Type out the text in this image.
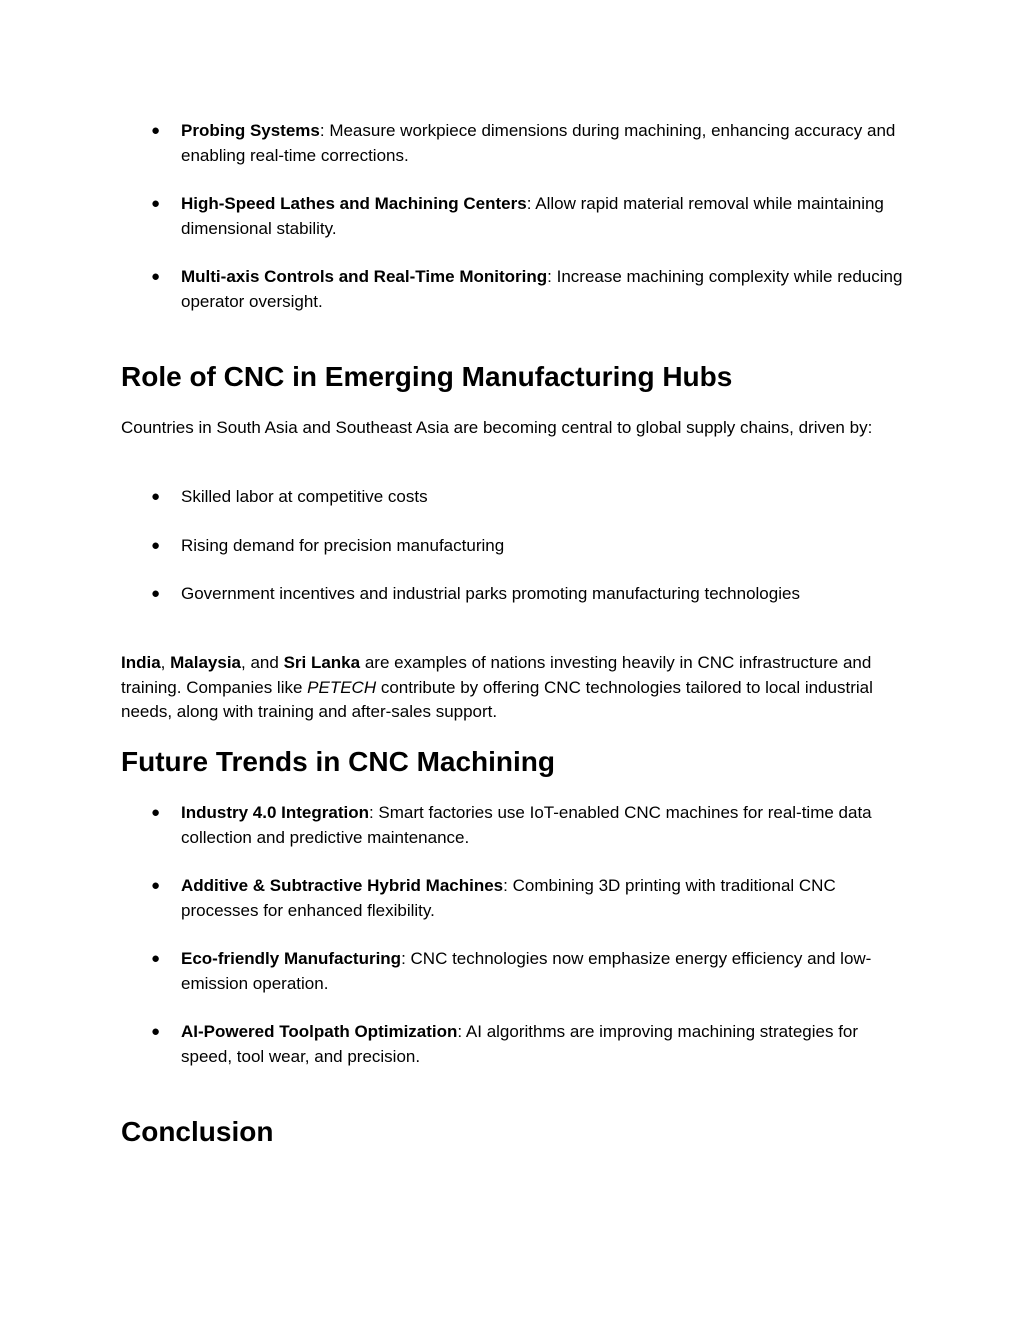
● Probing Systems: Measure workpiece dimensions during machining, enhancing accuracy and enabling real-time corrections.
● High-Speed Lathes and Machining Centers: Allow rapid material removal while maintaining dimensional stability.
● Multi-axis Controls and Real-Time Monitoring: Increase machining complexity while reducing operator oversight.
Role of CNC in Emerging Manufacturing Hubs
Countries in South Asia and Southeast Asia are becoming central to global supply chains, driven by:
● Skilled labor at competitive costs
● Rising demand for precision manufacturing
● Government incentives and industrial parks promoting manufacturing technologies
India, Malaysia, and Sri Lanka are examples of nations investing heavily in CNC infrastructure and training. Companies like PETECH contribute by offering CNC technologies tailored to local industrial needs, along with training and after-sales support.
Future Trends in CNC Machining
● Industry 4.0 Integration: Smart factories use IoT-enabled CNC machines for real-time data collection and predictive maintenance.
● Additive & Subtractive Hybrid Machines: Combining 3D printing with traditional CNC processes for enhanced flexibility.
● Eco-friendly Manufacturing: CNC technologies now emphasize energy efficiency and low-emission operation.
● AI-Powered Toolpath Optimization: AI algorithms are improving machining strategies for speed, tool wear, and precision.
Conclusion
